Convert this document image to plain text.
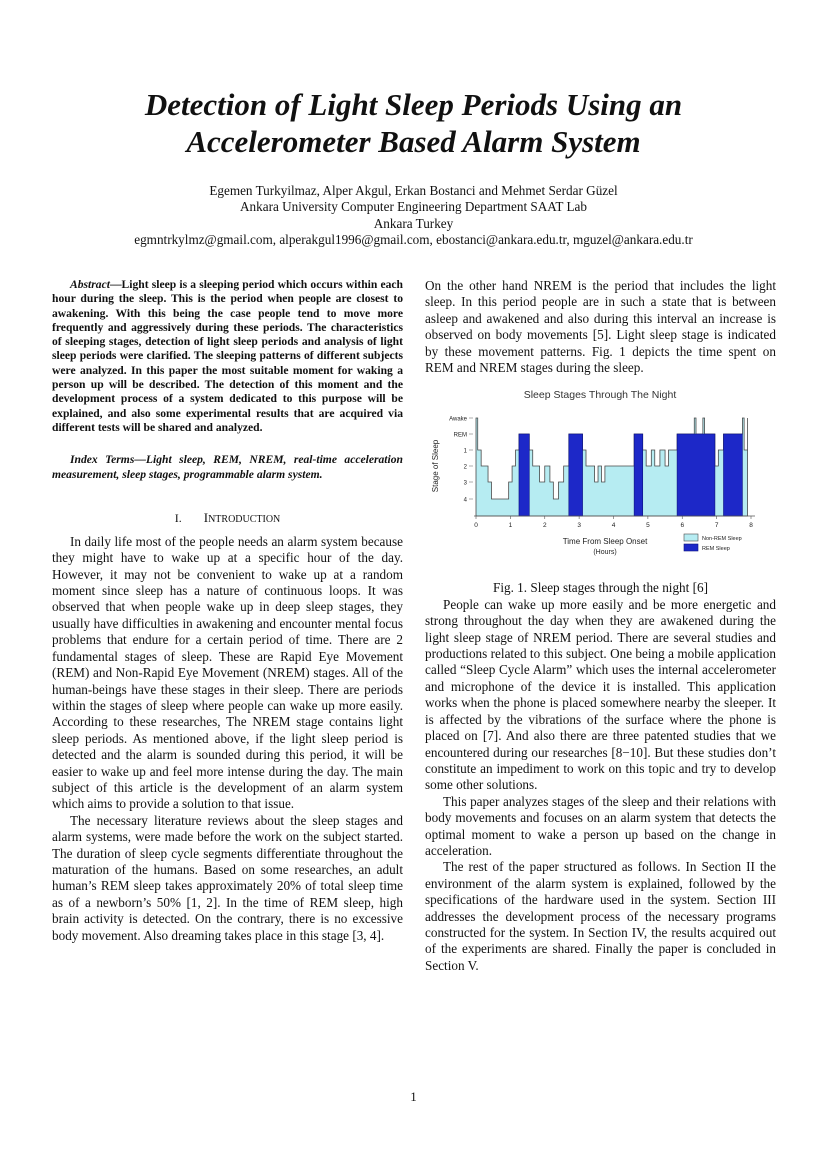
Detection of Light Sleep Periods Using an
Accelerometer Based Alarm System
Egemen Turkyilmaz, Alper Akgul, Erkan Bostanci and Mehmet Serdar Güzel
Ankara University Computer Engineering Department SAAT Lab
Ankara Turkey
egmntrkylmz@gmail.com, alperakgul1996@gmail.com, ebostanci@ankara.edu.tr, mguzel@ankara.edu.tr

Abstract—Light sleep is a sleeping period which occurs within each hour during the sleep. This is the period when people are closest to awakening. With this being the case people tend to move more frequently and aggressively during these periods. The characteristics of sleeping stages, detection of light sleep periods and analysis of light sleep periods were clarified. The sleeping patterns of different subjects were analyzed. In this paper the most suitable moment for waking a person up will be described. The detection of this moment and the development process of a system dedicated to this purpose will be explained, and also some experimental results that are acquired via different tests will be shared and analyzed.

Index Terms—Light sleep, REM, NREM, real-time acceleration measurement, sleep stages, programmable alarm system.

I. INTRODUCTION

In daily life most of the people needs an alarm system because they might have to wake up at a specific hour of the day. However, it may not be convenient to wake up at a random moment since sleep has a nature of continuous loops. It was observed that when people wake up in deep sleep stages, they usually have difficulties in awakening and encounter mental focus problems that endure for a certain period of time. There are 2 fundamental stages of sleep. These are Rapid Eye Movement (REM) and Non-Rapid Eye Movement (NREM) stages. All of the human-beings have these stages in their sleep. There are periods within the stages of sleep where people can wake up more easily. According to these researches, The NREM stage contains light sleep periods. As mentioned above, if the light sleep period is detected and the alarm is sounded during this period, it will be easier to wake up and feel more intense during the day. The main subject of this article is the development of an alarm system which aims to provide a solution to that issue.

The necessary literature reviews about the sleep stages and alarm systems, were made before the work on the subject started. The duration of sleep cycle segments differentiate throughout the maturation of the humans. Based on some researches, an adult human’s REM sleep takes approximately 20% of total sleep time as of a newborn’s 50% [1, 2]. In the time of REM sleep, high brain activity is detected. On the contrary, there is no excessive body movement. Also dreaming takes place in this stage [3, 4].

On the other hand NREM is the period that includes the light sleep. In this period people are in such a state that is between asleep and awakened and also during this interval an increase is observed on body movements [5]. Light sleep stage is indicated by these movement patterns. Fig. 1 depicts the time spent on REM and NREM stages during the sleep.

Sleep Stages Through The Night
Stage of Sleep
Awake
REM
1
2
3
4
0	1	2	3	4	5	6	7	8
Time From Sleep Onset
(Hours)
Non-REM Sleep
REM Sleep

Fig. 1. Sleep stages through the night [6]

People can wake up more easily and be more energetic and strong throughout the day when they are awakened during the light sleep stage of NREM period. There are several studies and productions related to this subject. One being a mobile application called “Sleep Cycle Alarm” which uses the internal accelerometer and microphone of the device it is installed. This application works when the phone is placed somewhere nearby the sleeper. It is affected by the vibrations of the surface where the phone is placed on [7]. And also there are three patented studies that we encountered during our researches [8−10]. But these studies don’t constitute an impediment to work on this topic and try to develop some other solutions.

This paper analyzes stages of the sleep and their relations with body movements and focuses on an alarm system that detects the optimal moment to wake a person up based on the change in acceleration.

The rest of the paper structured as follows. In Section II the environment of the alarm system is explained, followed by the specifications of the hardware used in the system. Section III addresses the development process of the necessary programs constructed for the system. In Section IV, the results acquired out of the experiments are shared. Finally the paper is concluded in Section V.

1
